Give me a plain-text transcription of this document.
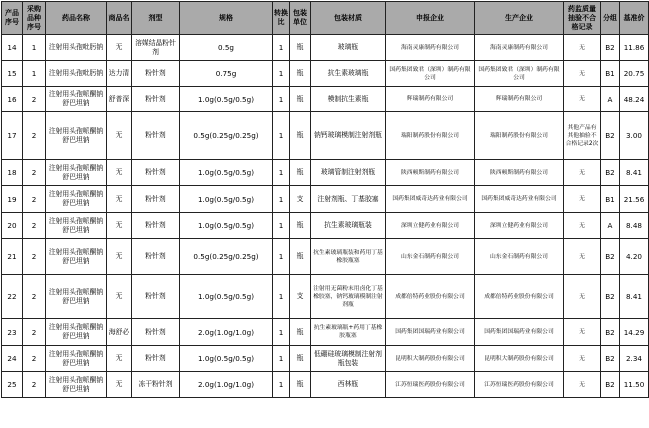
产品序号	采购品种序号	药品名称	商品名	剂型	规格	转换比	包装单位	包装材质	申报企业	生产企业	药监质量抽验不合格记录	分组	基准价
14	1	注射用头孢吡肟钠	无	溶媒结晶粉针剂	0.5g	1	瓶	玻璃瓶	海南灵康制药有限公司	海南灵康制药有限公司	无	B2	11.86
15	1	注射用头孢吡肟钠	达力清	粉针剂	0.75g	1	瓶	抗生素玻璃瓶	国药集团致君（深圳）制药有限公司	国药集团致君（深圳）制药有限公司	无	B1	20.75
16	2	注射用头孢哌酮钠舒巴坦钠	舒普深	粉针剂	1.0g(0.5g/0.5g)	1	瓶	模制抗生素瓶	辉瑞制药有限公司	辉瑞制药有限公司	无	A	48.24
17	2	注射用头孢哌酮钠舒巴坦钠	无	粉针剂	0.5g(0.25g/0.25g)	1	瓶	钠钙玻璃模制注射剂瓶	瑞阳制药股份有限公司	瑞阳制药股份有限公司	其他产品有其他抽验不合格记录2次	B2	3.00
18	2	注射用头孢哌酮钠舒巴坦钠	无	粉针剂	1.0g(0.5g/0.5g)	1	瓶	玻璃管制注射剂瓶	陕西顿斯制药有限公司	陕西顿斯制药有限公司	无	B2	8.41
19	2	注射用头孢哌酮钠舒巴坦钠	无	粉针剂	1.0g(0.5g/0.5g)	1	支	注射剂瓶、丁基胶塞	国药集团威奇达药业有限公司	国药集团威奇达药业有限公司	无	B1	21.56
20	2	注射用头孢哌酮钠舒巴坦钠	无	粉针剂	1.0g(0.5g/0.5g)	1	瓶	抗生素玻璃瓶装	深圳立健药业有限公司	深圳立健药业有限公司	无	A	8.48
21	2	注射用头孢哌酮钠舒巴坦钠	无	粉针剂	0.5g(0.25g/0.25g)	1	瓶	抗生素玻璃瓶装和药用丁基橡胶瓶塞	山东金石制药有限公司	山东金石制药有限公司	无	B2	4.20
22	2	注射用头孢哌酮钠舒巴坦钠	无	粉针剂	1.0g(0.5g/0.5g)	1	支	注射用无菌粉末用卤化丁基橡胶塞，钠钙玻璃模制注射剂瓶	成都倍特药业股份有限公司	成都倍特药业股份有限公司	无	B2	8.41
23	2	注射用头孢哌酮钠舒巴坦钠	海舒必	粉针剂	2.0g(1.0g/1.0g)	1	瓶	抗生素玻璃瓶+药用丁基橡胶瓶塞	国药集团国瑞药业有限公司	国药集团国瑞药业有限公司	无	B2	14.29
24	2	注射用头孢哌酮钠舒巴坦钠	无	粉针剂	1.0g(0.5g/0.5g)	1	瓶	低硼硅玻璃模制注射剂瓶包装	昆明积大制药股份有限公司	昆明积大制药股份有限公司	无	B2	2.34
25	2	注射用头孢哌酮钠舒巴坦钠	无	冻干粉针剂	2.0g(1.0g/1.0g)	1	瓶	西林瓶	江苏恒瑞医药股份有限公司	江苏恒瑞医药股份有限公司	无	B2	11.50
